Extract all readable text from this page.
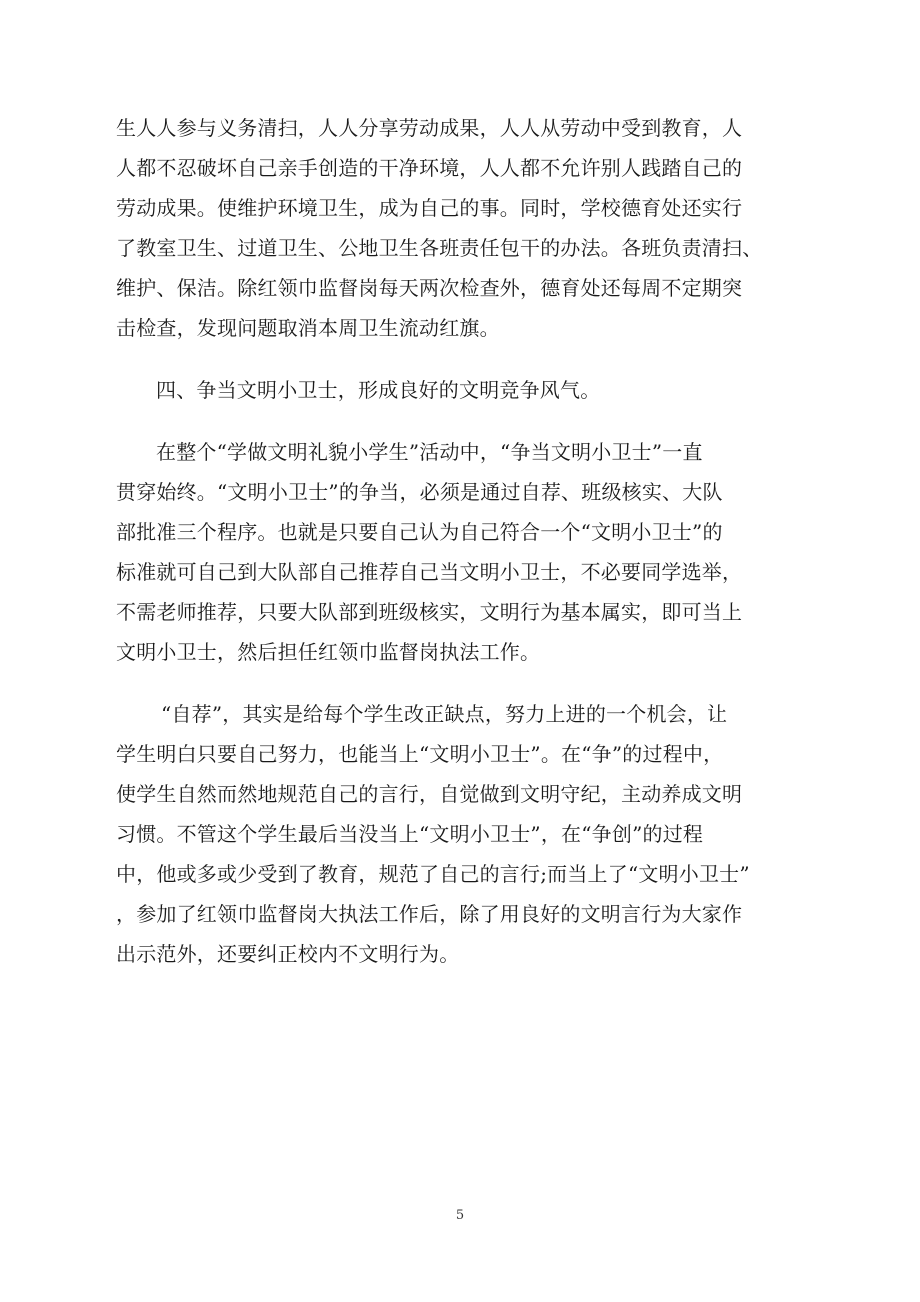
生人人参与义务清扫，人人分享劳动成果，人人从劳动中受到教育，人
人都不忍破坏自己亲手创造的干净环境，人人都不允许别人践踏自己的
劳动成果。使维护环境卫生，成为自己的事。同时，学校德育处还实行
了教室卫生、过道卫生、公地卫生各班责任包干的办法。各班负责清扫、
维护、保洁。除红领巾监督岗每天两次检查外，德育处还每周不定期突
击检查，发现问题取消本周卫生流动红旗。
四、争当文明小卫士，形成良好的文明竞争风气。
在整个“学做文明礼貌小学生”活动中，“争当文明小卫士”一直
贯穿始终。“文明小卫士”的争当，必须是通过自荐、班级核实、大队
部批准三个程序。也就是只要自己认为自己符合一个“文明小卫士”的
标准就可自己到大队部自己推荐自己当文明小卫士，不必要同学选举，
不需老师推荐，只要大队部到班级核实，文明行为基本属实，即可当上
文明小卫士，然后担任红领巾监督岗执法工作。
“自荐”，其实是给每个学生改正缺点，努力上进的一个机会，让
学生明白只要自己努力，也能当上“文明小卫士”。在“争”的过程中，
使学生自然而然地规范自己的言行，自觉做到文明守纪，主动养成文明
习惯。不管这个学生最后当没当上“文明小卫士”，在“争创”的过程
中，他或多或少受到了教育，规范了自己的言行;而当上了“文明小卫士”
，参加了红领巾监督岗大执法工作后，除了用良好的文明言行为大家作
出示范外，还要纠正校内不文明行为。
5
